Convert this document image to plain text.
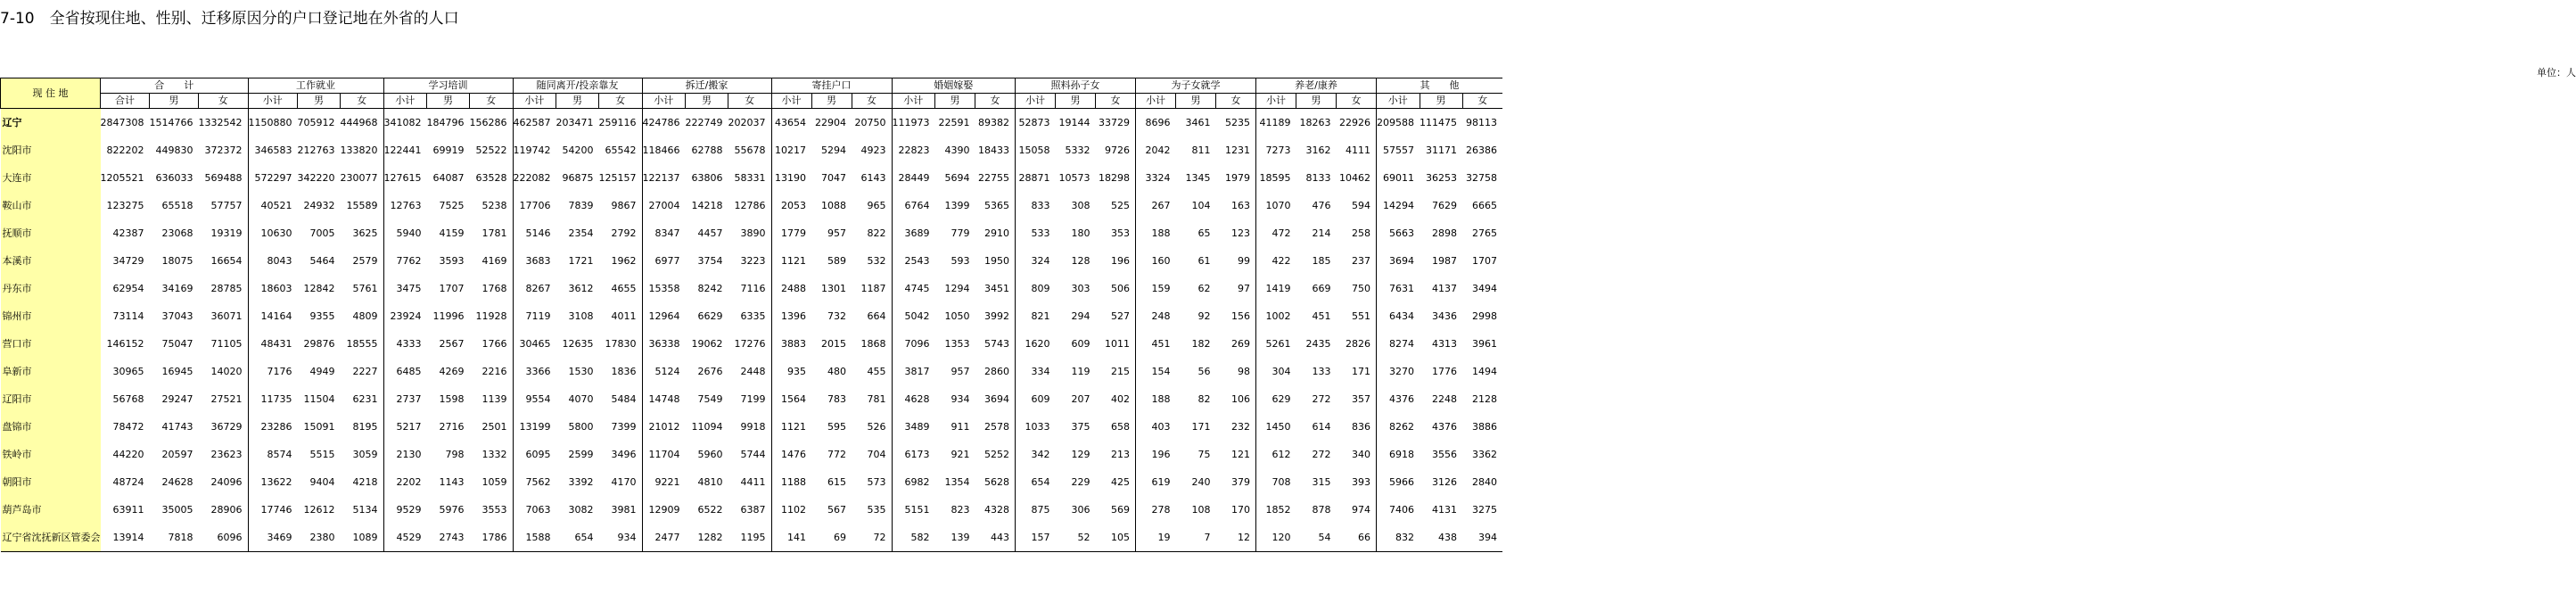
7-10　全省按现住地、性别、迁移原因分的户口登记地在外省的人口
单位：人
现 住 地	合　　计			工作就业			学习培训			随同离开/投亲靠友			拆迁/搬家			寄挂户口			婚姻嫁娶			照料孙子女			为子女就学			养老/康养			其　　他		
	合计	男	女	小计	男	女	小计	男	女	小计	男	女	小计	男	女	小计	男	女	小计	男	女	小计	男	女	小计	男	女	小计	男	女	小计	男	女
辽宁	2847308	1514766	1332542	1150880	705912	444968	341082	184796	156286	462587	203471	259116	424786	222749	202037	43654	22904	20750	111973	22591	89382	52873	19144	33729	8696	3461	5235	41189	18263	22926	209588	111475	98113
沈阳市	822202	449830	372372	346583	212763	133820	122441	69919	52522	119742	54200	65542	118466	62788	55678	10217	5294	4923	22823	4390	18433	15058	5332	9726	2042	811	1231	7273	3162	4111	57557	31171	26386
大连市	1205521	636033	569488	572297	342220	230077	127615	64087	63528	222082	96875	125157	122137	63806	58331	13190	7047	6143	28449	5694	22755	28871	10573	18298	3324	1345	1979	18595	8133	10462	69011	36253	32758
鞍山市	123275	65518	57757	40521	24932	15589	12763	7525	5238	17706	7839	9867	27004	14218	12786	2053	1088	965	6764	1399	5365	833	308	525	267	104	163	1070	476	594	14294	7629	6665
抚顺市	42387	23068	19319	10630	7005	3625	5940	4159	1781	5146	2354	2792	8347	4457	3890	1779	957	822	3689	779	2910	533	180	353	188	65	123	472	214	258	5663	2898	2765
本溪市	34729	18075	16654	8043	5464	2579	7762	3593	4169	3683	1721	1962	6977	3754	3223	1121	589	532	2543	593	1950	324	128	196	160	61	99	422	185	237	3694	1987	1707
丹东市	62954	34169	28785	18603	12842	5761	3475	1707	1768	8267	3612	4655	15358	8242	7116	2488	1301	1187	4745	1294	3451	809	303	506	159	62	97	1419	669	750	7631	4137	3494
锦州市	73114	37043	36071	14164	9355	4809	23924	11996	11928	7119	3108	4011	12964	6629	6335	1396	732	664	5042	1050	3992	821	294	527	248	92	156	1002	451	551	6434	3436	2998
营口市	146152	75047	71105	48431	29876	18555	4333	2567	1766	30465	12635	17830	36338	19062	17276	3883	2015	1868	7096	1353	5743	1620	609	1011	451	182	269	5261	2435	2826	8274	4313	3961
阜新市	30965	16945	14020	7176	4949	2227	6485	4269	2216	3366	1530	1836	5124	2676	2448	935	480	455	3817	957	2860	334	119	215	154	56	98	304	133	171	3270	1776	1494
辽阳市	56768	29247	27521	11735	11504	6231	2737	1598	1139	9554	4070	5484	14748	7549	7199	1564	783	781	4628	934	3694	609	207	402	188	82	106	629	272	357	4376	2248	2128
盘锦市	78472	41743	36729	23286	15091	8195	5217	2716	2501	13199	5800	7399	21012	11094	9918	1121	595	526	3489	911	2578	1033	375	658	403	171	232	1450	614	836	8262	4376	3886
铁岭市	44220	20597	23623	8574	5515	3059	2130	798	1332	6095	2599	3496	11704	5960	5744	1476	772	704	6173	921	5252	342	129	213	196	75	121	612	272	340	6918	3556	3362
朝阳市	48724	24628	24096	13622	9404	4218	2202	1143	1059	7562	3392	4170	9221	4810	4411	1188	615	573	6982	1354	5628	654	229	425	619	240	379	708	315	393	5966	3126	2840
葫芦岛市	63911	35005	28906	17746	12612	5134	9529	5976	3553	7063	3082	3981	12909	6522	6387	1102	567	535	5151	823	4328	875	306	569	278	108	170	1852	878	974	7406	4131	3275
辽宁省沈抚新区管委会	13914	7818	6096	3469	2380	1089	4529	2743	1786	1588	654	934	2477	1282	1195	141	69	72	582	139	443	157	52	105	19	7	12	120	54	66	832	438	394
